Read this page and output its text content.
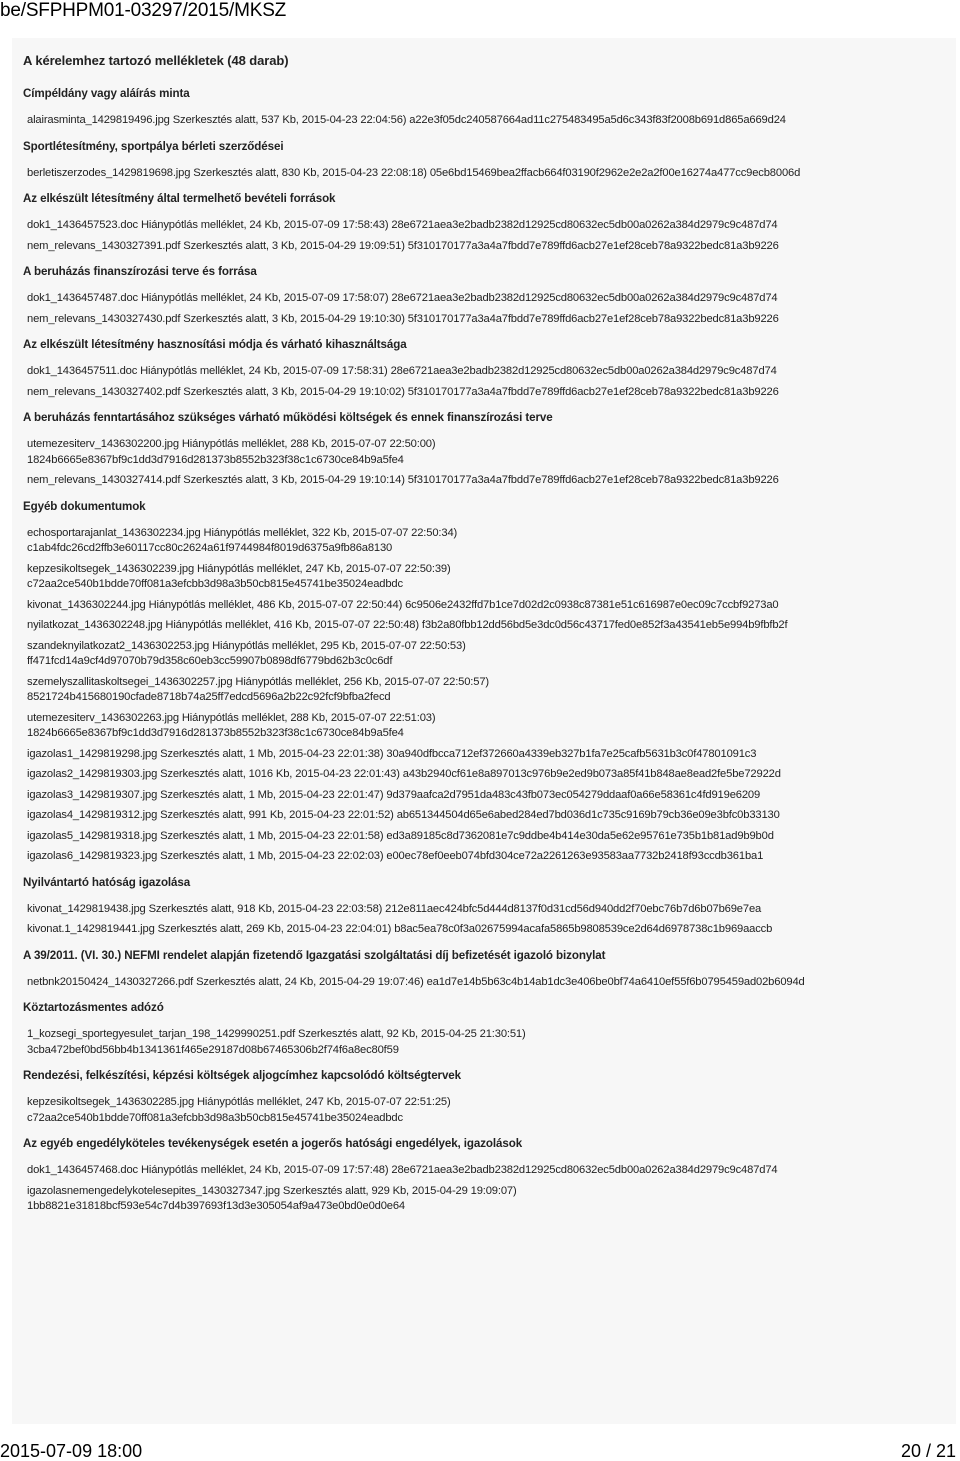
be/SFPHPM01-03297/2015/MKSZ
A kérelemhez tartozó mellékletek (48 darab)
Címpéldány vagy aláírás minta
alairasminta_1429819496.jpg Szerkesztés alatt, 537 Kb, 2015-04-23 22:04:56) a22e3f05dc240587664ad11c275483495a5d6c343f83f2008b691d865a669d24
Sportlétesítmény, sportpálya bérleti szerződései
berletiszerzodes_1429819698.jpg Szerkesztés alatt, 830 Kb, 2015-04-23 22:08:18) 05e6bd15469bea2ffacb664f03190f2962e2e2a2f00e16274a477cc9ecb8006d
Az elkészült létesítmény által termelhető bevételi források
dok1_1436457523.doc Hiánypótlás melléklet, 24 Kb, 2015-07-09 17:58:43) 28e6721aea3e2badb2382d12925cd80632ec5db00a0262a384d2979c9c487d74
nem_relevans_1430327391.pdf Szerkesztés alatt, 3 Kb, 2015-04-29 19:09:51) 5f310170177a3a4a7fbdd7e789ffd6acb27e1ef28ceb78a9322bedc81a3b9226
A beruházás finanszírozási terve és forrása
dok1_1436457487.doc Hiánypótlás melléklet, 24 Kb, 2015-07-09 17:58:07) 28e6721aea3e2badb2382d12925cd80632ec5db00a0262a384d2979c9c487d74
nem_relevans_1430327430.pdf Szerkesztés alatt, 3 Kb, 2015-04-29 19:10:30) 5f310170177a3a4a7fbdd7e789ffd6acb27e1ef28ceb78a9322bedc81a3b9226
Az elkészült létesítmény hasznosítási módja és várható kihasználtsága
dok1_1436457511.doc Hiánypótlás melléklet, 24 Kb, 2015-07-09 17:58:31) 28e6721aea3e2badb2382d12925cd80632ec5db00a0262a384d2979c9c487d74
nem_relevans_1430327402.pdf Szerkesztés alatt, 3 Kb, 2015-04-29 19:10:02) 5f310170177a3a4a7fbdd7e789ffd6acb27e1ef28ceb78a9322bedc81a3b9226
A beruházás fenntartásához szükséges várható működési költségek és ennek finanszírozási terve
utemezesiterv_1436302200.jpg Hiánypótlás melléklet, 288 Kb, 2015-07-07 22:50:00)
1824b6665e8367bf9c1dd3d7916d281373b8552b323f38c1c6730ce84b9a5fe4
nem_relevans_1430327414.pdf Szerkesztés alatt, 3 Kb, 2015-04-29 19:10:14) 5f310170177a3a4a7fbdd7e789ffd6acb27e1ef28ceb78a9322bedc81a3b9226
Egyéb dokumentumok
echosportarajanlat_1436302234.jpg Hiánypótlás melléklet, 322 Kb, 2015-07-07 22:50:34)
c1ab4fdc26cd2ffb3e60117cc80c2624a61f9744984f8019d6375a9fb86a8130
kepzesikoltsegek_1436302239.jpg Hiánypótlás melléklet, 247 Kb, 2015-07-07 22:50:39)
c72aa2ce540b1bdde70ff081a3efcbb3d98a3b50cb815e45741be35024eadbdc
kivonat_1436302244.jpg Hiánypótlás melléklet, 486 Kb, 2015-07-07 22:50:44) 6c9506e2432ffd7b1ce7d02d2c0938c87381e51c616987e0ec09c7ccbf9273a0
nyilatkozat_1436302248.jpg Hiánypótlás melléklet, 416 Kb, 2015-07-07 22:50:48) f3b2a80fbb12dd56bd5e3dc0d56c43717fed0e852f3a43541eb5e994b9fbfb2f
szandeknyilatkozat2_1436302253.jpg Hiánypótlás melléklet, 295 Kb, 2015-07-07 22:50:53)
ff471fcd14a9cf4d97070b79d358c60eb3cc59907b0898df6779bd62b3c0c6df
szemelyszallitaskoltsegei_1436302257.jpg Hiánypótlás melléklet, 256 Kb, 2015-07-07 22:50:57)
8521724b415680190cfade8718b74a25ff7edcd5696a2b22c92fcf9bfba2fecd
utemezesiterv_1436302263.jpg Hiánypótlás melléklet, 288 Kb, 2015-07-07 22:51:03)
1824b6665e8367bf9c1dd3d7916d281373b8552b323f38c1c6730ce84b9a5fe4
igazolas1_1429819298.jpg Szerkesztés alatt, 1 Mb, 2015-04-23 22:01:38) 30a940dfbcca712ef372660a4339eb327b1fa7e25cafb5631b3c0f47801091c3
igazolas2_1429819303.jpg Szerkesztés alatt, 1016 Kb, 2015-04-23 22:01:43) a43b2940cf61e8a897013c976b9e2ed9b073a85f41b848ae8ead2fe5be72922d
igazolas3_1429819307.jpg Szerkesztés alatt, 1 Mb, 2015-04-23 22:01:47) 9d379aafca2d7951da483c43fb073ec054279ddaaf0a66e58361c4fd919e6209
igazolas4_1429819312.jpg Szerkesztés alatt, 991 Kb, 2015-04-23 22:01:52) ab651344504d65e6abed284ed7bd036d1c735c9169b79cb36e09e3bfc0b33130
igazolas5_1429819318.jpg Szerkesztés alatt, 1 Mb, 2015-04-23 22:01:58) ed3a89185c8d7362081e7c9ddbe4b414e30da5e62e95761e735b1b81ad9b9b0d
igazolas6_1429819323.jpg Szerkesztés alatt, 1 Mb, 2015-04-23 22:02:03) e00ec78ef0eeb074bfd304ce72a2261263e93583aa7732b2418f93ccdb361ba1
Nyilvántartó hatóság igazolása
kivonat_1429819438.jpg Szerkesztés alatt, 918 Kb, 2015-04-23 22:03:58) 212e811aec424bfc5d444d8137f0d31cd56d940dd2f70ebc76b7d6b07b69e7ea
kivonat.1_1429819441.jpg Szerkesztés alatt, 269 Kb, 2015-04-23 22:04:01) b8ac5ea78c0f3a02675994acafa5865b9808539ce2d64d6978738c1b969aaccb
A 39/2011. (VI. 30.) NEFMI rendelet alapján fizetendő Igazgatási szolgáltatási díj befizetését igazoló bizonylat
netbnk20150424_1430327266.pdf Szerkesztés alatt, 24 Kb, 2015-04-29 19:07:46) ea1d7e14b5b63c4b14ab1dc3e406be0bf74a6410ef55f6b0795459ad02b6094d
Köztartozásmentes adózó
1_kozsegi_sportegyesulet_tarjan_198_1429990251.pdf Szerkesztés alatt, 92 Kb, 2015-04-25 21:30:51)
3cba472bef0bd56bb4b1341361f465e29187d08b67465306b2f74f6a8ec80f59
Rendezési, felkészítési, képzési költségek aljogcímhez kapcsolódó költségtervek
kepzesikoltsegek_1436302285.jpg Hiánypótlás melléklet, 247 Kb, 2015-07-07 22:51:25)
c72aa2ce540b1bdde70ff081a3efcbb3d98a3b50cb815e45741be35024eadbdc
Az egyéb engedélyköteles tevékenységek esetén a jogerős hatósági engedélyek, igazolások
dok1_1436457468.doc Hiánypótlás melléklet, 24 Kb, 2015-07-09 17:57:48) 28e6721aea3e2badb2382d12925cd80632ec5db00a0262a384d2979c9c487d74
igazolasnemengedelykotelesepites_1430327347.jpg Szerkesztés alatt, 929 Kb, 2015-04-29 19:09:07)
1bb8821e31818bcf593e54c7d4b397693f13d3e305054af9a473e0bd0e0d0e64
2015-07-09 18:00	20 / 21
